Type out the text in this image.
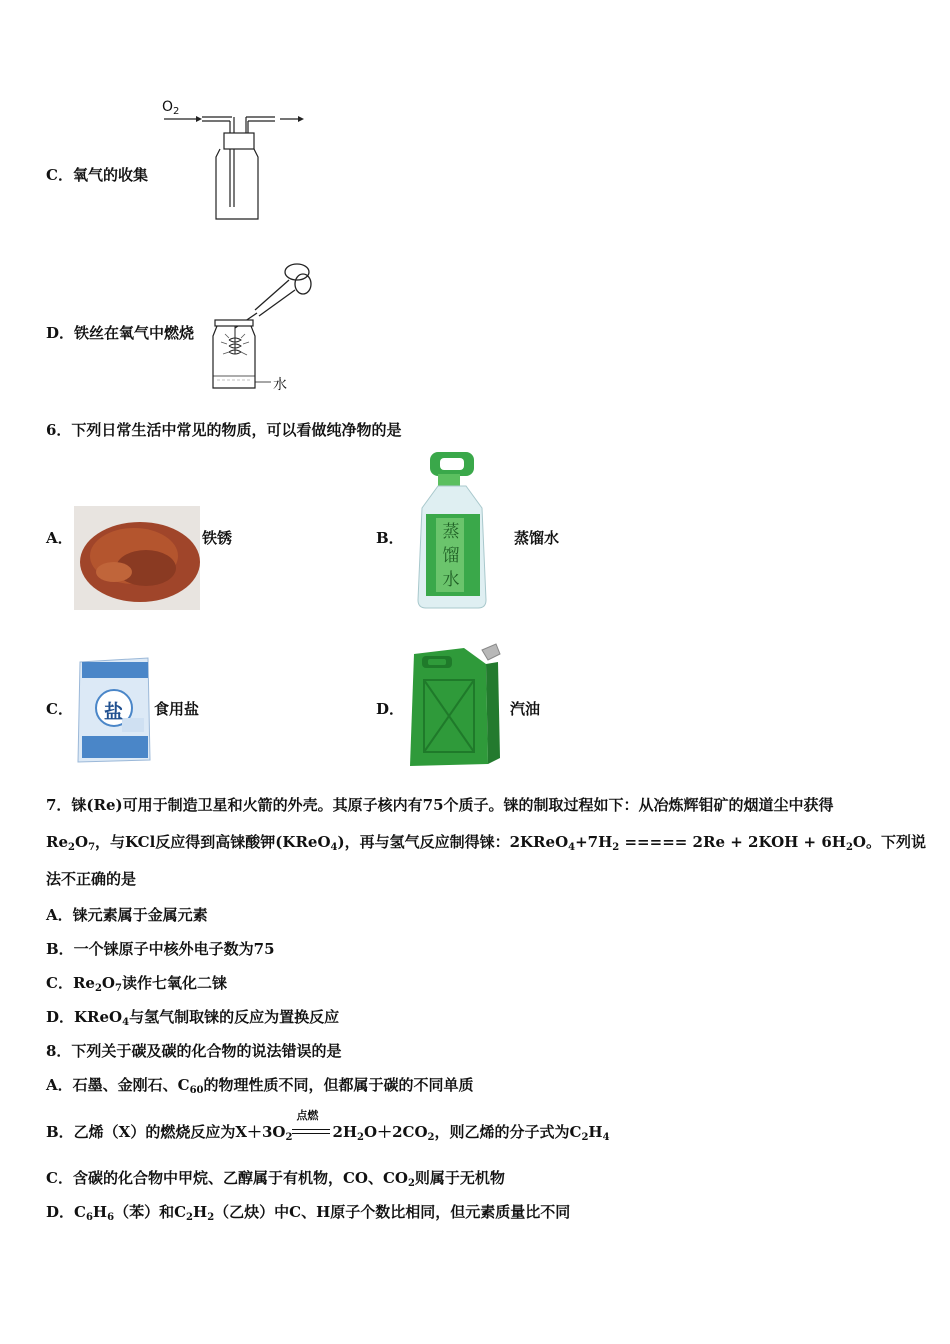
$O_2$
C．氧气的收集
水
D．铁丝在氧气中燃烧
6．下列日常生活中常见的物质，可以看做纯净物的是
A．	铁锈	B． 蒸
馏
水
蒸馏水
C． 盐 食用盐	D．	汽油
7．铼(Re)可用于制造卫星和火箭的外壳。其原子核内有75个质子。铼的制取过程如下：从冶炼辉钼矿的烟道尘中获得
$Re_2O_7$，与KCl反应得到高铼酸钾(KReO$_4$)，再与氢气反应制得铼：$2KReO_4+7H_2$ ===== $2Re + 2KOH + 6H_2O$。下列说
法不正确的是
A．铼元素属于金属元素
B．一个铼原子中核外电子数为75
C．$Re_2O_7$读作七氧化二铼
D．KReO$_4$与氢气制取铼的反应为置换反应
8．下列关于碳及碳的化合物的说法错误的是
A．石墨、金刚石、$C_{60}$的物理性质不同，但都属于碳的不同单质
B．乙烯（X）的燃烧反应为$X+3O_2$
点燃
$2H_2O+2CO_2$，则乙烯的分子式为$C_2H_4$
C．含碳的化合物中甲烷、乙醇属于有机物，CO、$CO_2$则属于无机物
D．$C_6H_6$（苯）和$C_2H_2$（乙炔）中C、H原子个数比相同，但元素质量比不同
